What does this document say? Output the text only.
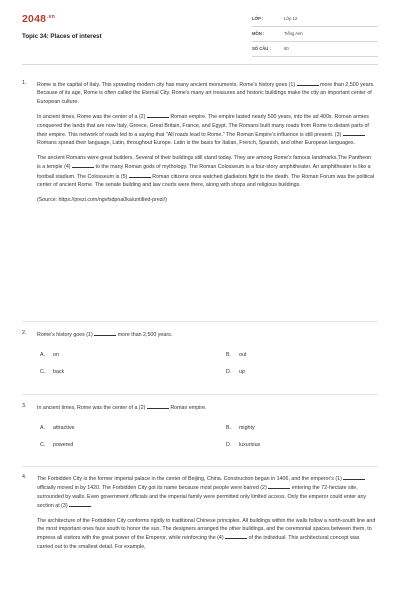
$2048^{.vn}$
Topic 34: Places of interest
LỚP :	Lớp 12
MÔN :	Tiếng Anh
SỐ CÂU :	60
1. Rome is the capital of Italy. This sprawling modern city has many ancient monuments. Rome's history goes (1)	more than 2,500 years. Because of its age, Rome is often called the Eternal City. Rome's many art treasures and historic buildings make the city an important center of European culture.

In ancient times, Rome was the center of a (2)	Roman empire. The empire lasted nearly 500 years, into the ad 400s. Roman armies conquered the lands that are now Italy, Greece, Great Britain, France, and Egypt. The Romans built many roads from Rome to distant parts of their empire. This network of roads led to a saying that "All roads lead to Rome." The Roman Empire's influence is still present. (3)  Romans spread their language, Latin, throughout Europe. Latin is the basis for Italian, French, Spanish, and other European languages.

The ancient Romans were great builders. Several of their buildings still stand today. They are among Rome's famous landmarks.The Pantheon is a temple (4)	to the many Roman gods of mythology. The Roman Colosseum is a four-story amphitheater. An amphitheater is like a football stadium. The Colosseum is (5)	Roman citizens once watched gladiators fight to the death. The Roman Forum was the political center of ancient Rome. The senate building and law courts were there, along with shops and religious buildings.

(Source: https://prezi.com/ngvfsdpna0ka/untitled-prezi/)

2. Rome's history goes (1)	more than 2,500 years.

A. on	B. out
C. back	D. up
3. In ancient times, Rome was the center of a (2)	Roman empire.

A. attractive	B. mighty
C. powered	D. luxurious
4. The Forbidden City is the former imperial palace in the center of Beijing, China. Construction began in 1406, and the emperor's (1)  officially moved in by 1420. The Forbidden City got its name because most people were barred (2)	entering the 72-hectare site, surrounded by walls. Even government officials and the imperial family were permitted only limited access. Only the emperor could enter any section at (3)	.

The architecture of the Forbidden City conforms rigidly to traditional Chinese principles. All buildings within the walls follow a north-south line and the most important ones face south to honor the sun. The designers arranged the other buildings, and the ceremonial spaces between them, to impress all visitors with the great power of the Emperor, while reinforcing the (4)	of the individual. This architectural concept was carried out to the smallest detail. For example,
